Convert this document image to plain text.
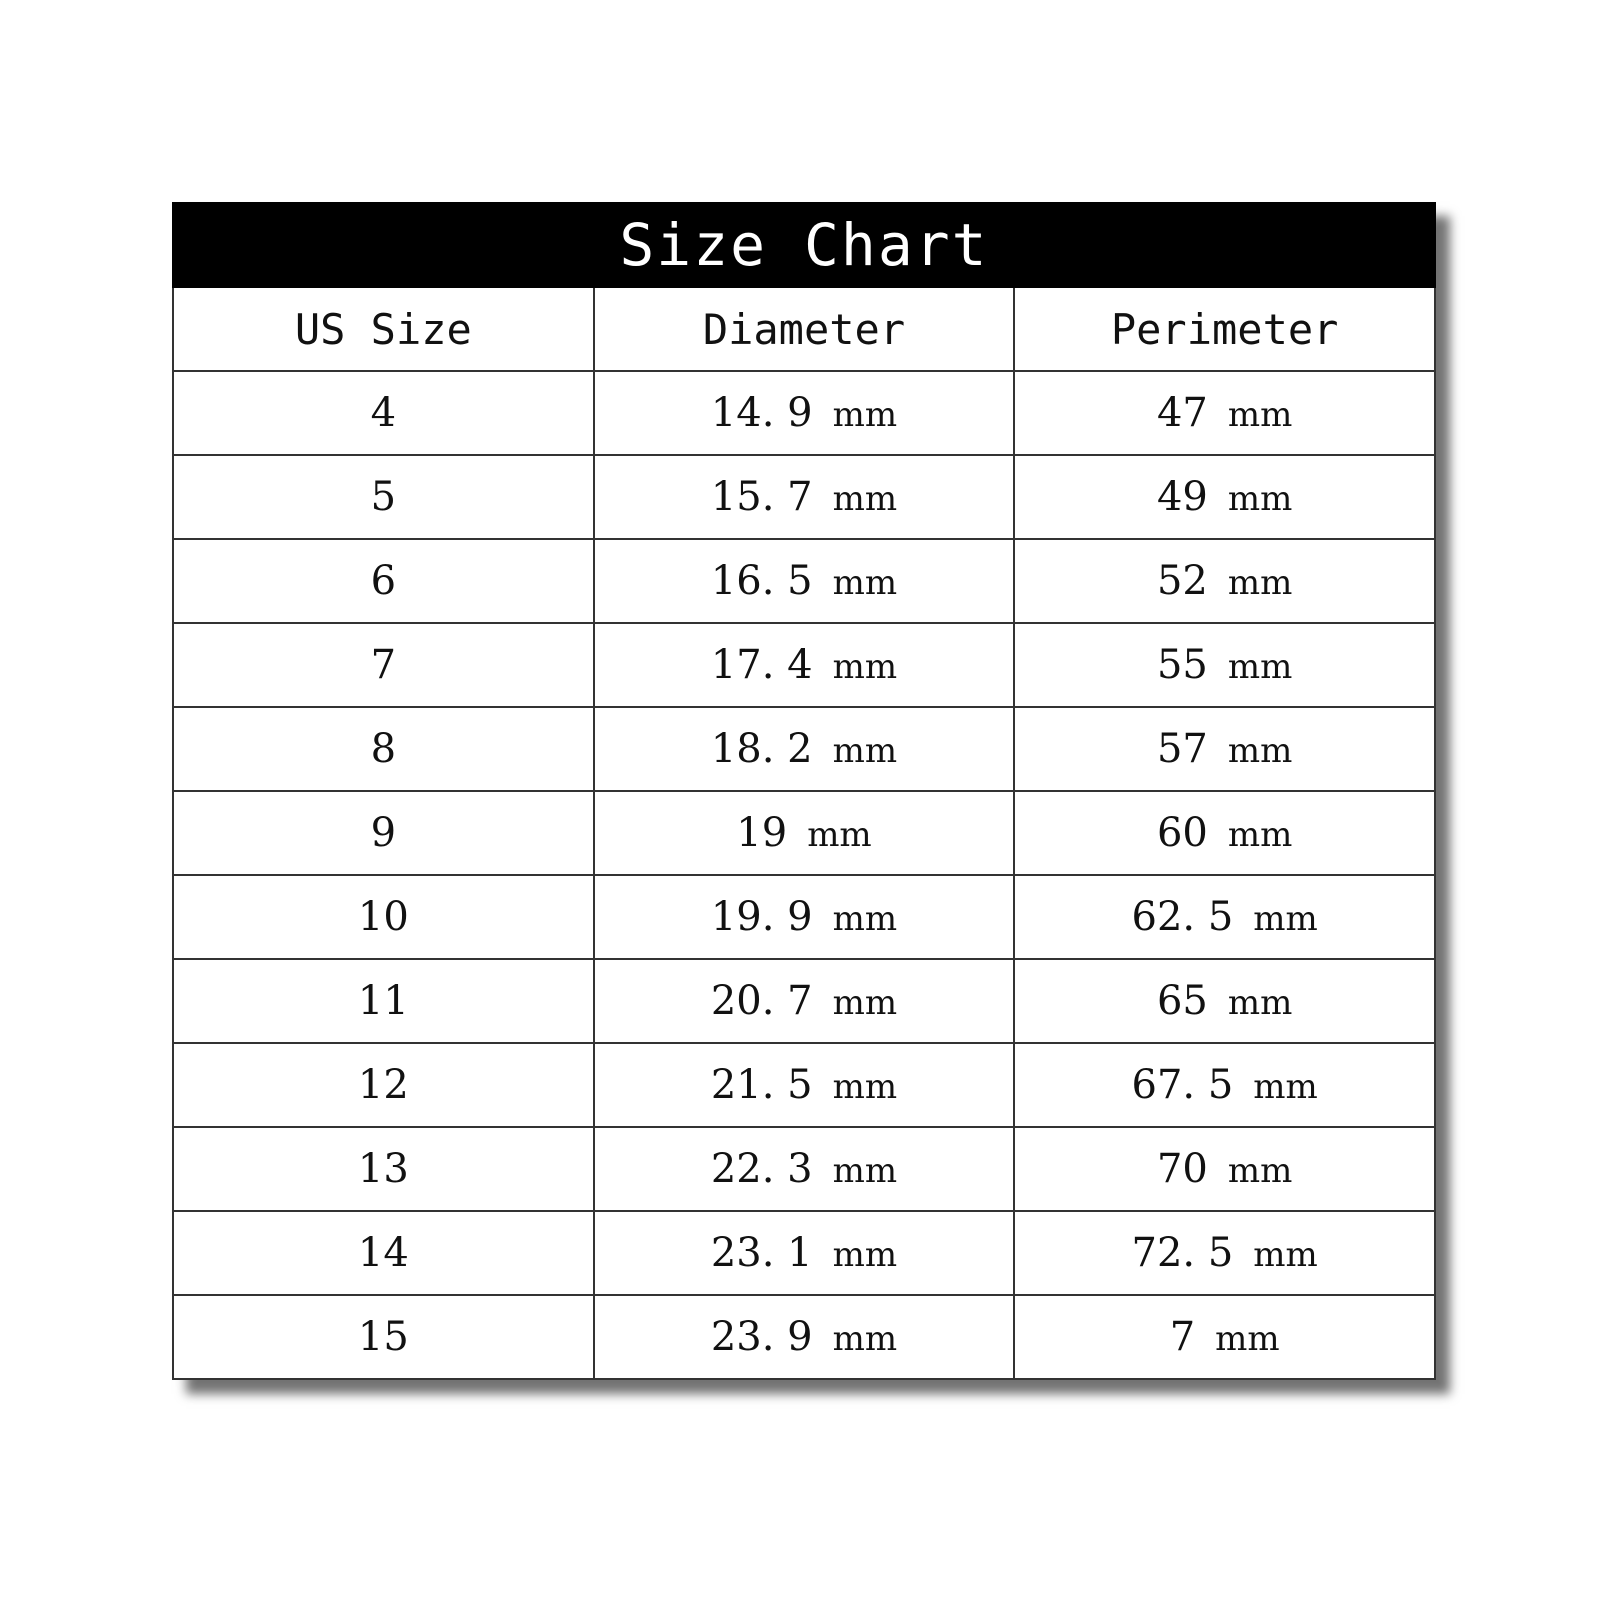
Size Chart
US Size	Diameter	Perimeter
4	14. 9 mm	47 mm
5	15. 7 mm	49 mm
6	16. 5 mm	52 mm
7	17. 4 mm	55 mm
8	18. 2 mm	57 mm
9	19 mm	60 mm
10	19. 9 mm	62. 5 mm
11	20. 7 mm	65 mm
12	21. 5 mm	67. 5 mm
13	22. 3 mm	70 mm
14	23. 1 mm	72. 5 mm
15	23. 9 mm	7 mm
